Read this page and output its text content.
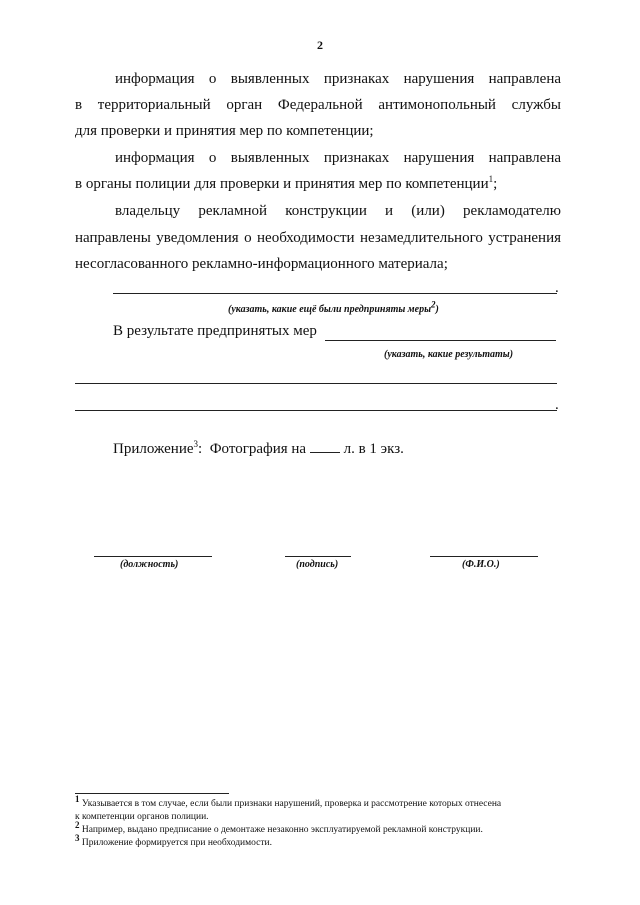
2
информация о выявленных признаках нарушения направлена
в территориальный орган Федеральной антимонопольный службы
для проверки и принятия мер по компетенции;
информация о выявленных признаках нарушения направлена
в органы полиции для проверки и принятия мер по компетенции$^1$;
владельцу рекламной конструкции и (или) рекламодателю
направлены уведомления о необходимости незамедлительного устранения
несогласованного рекламно-информационного материала;
.
(указать, какие ещё были предприняты меры2)
В результате предпринятых мер
(указать, какие результаты)
.
Приложение$^3$: Фотография на	л. в 1 экз.
(должность)	(подпись)	(Ф.И.О.)
1 Указывается в том случае, если были признаки нарушений, проверка и рассмотрение которых отнесена
к компетенции органов полиции.
2 Например, выдано предписание о демонтаже незаконно эксплуатируемой рекламной конструкции.
3 Приложение формируется при необходимости.
